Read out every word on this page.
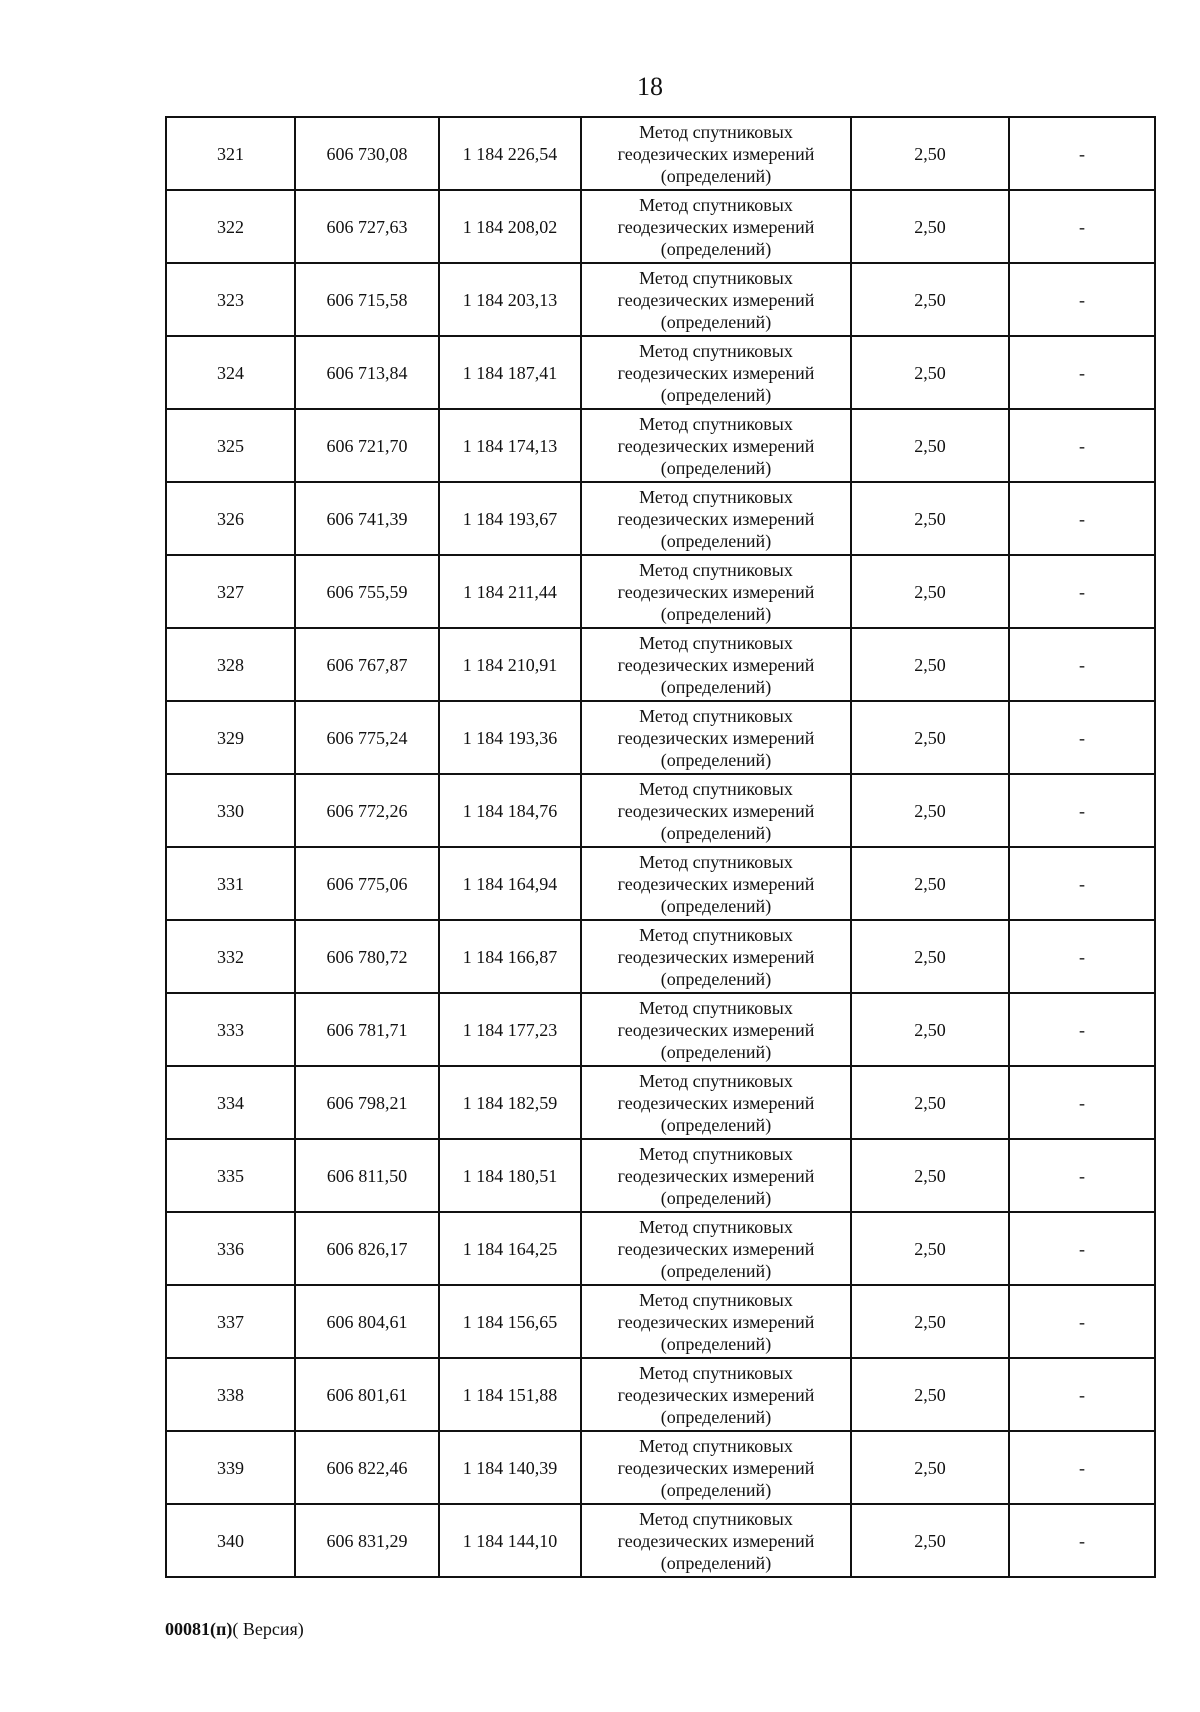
18
321	606 730,08	1 184 226,54	Метод спутниковых
геодезических измерений
(определений)	2,50	-
322	606 727,63	1 184 208,02	Метод спутниковых
геодезических измерений
(определений)	2,50	-
323	606 715,58	1 184 203,13	Метод спутниковых
геодезических измерений
(определений)	2,50	-
324	606 713,84	1 184 187,41	Метод спутниковых
геодезических измерений
(определений)	2,50	-
325	606 721,70	1 184 174,13	Метод спутниковых
геодезических измерений
(определений)	2,50	-
326	606 741,39	1 184 193,67	Метод спутниковых
геодезических измерений
(определений)	2,50	-
327	606 755,59	1 184 211,44	Метод спутниковых
геодезических измерений
(определений)	2,50	-
328	606 767,87	1 184 210,91	Метод спутниковых
геодезических измерений
(определений)	2,50	-
329	606 775,24	1 184 193,36	Метод спутниковых
геодезических измерений
(определений)	2,50	-
330	606 772,26	1 184 184,76	Метод спутниковых
геодезических измерений
(определений)	2,50	-
331	606 775,06	1 184 164,94	Метод спутниковых
геодезических измерений
(определений)	2,50	-
332	606 780,72	1 184 166,87	Метод спутниковых
геодезических измерений
(определений)	2,50	-
333	606 781,71	1 184 177,23	Метод спутниковых
геодезических измерений
(определений)	2,50	-
334	606 798,21	1 184 182,59	Метод спутниковых
геодезических измерений
(определений)	2,50	-
335	606 811,50	1 184 180,51	Метод спутниковых
геодезических измерений
(определений)	2,50	-
336	606 826,17	1 184 164,25	Метод спутниковых
геодезических измерений
(определений)	2,50	-
337	606 804,61	1 184 156,65	Метод спутниковых
геодезических измерений
(определений)	2,50	-
338	606 801,61	1 184 151,88	Метод спутниковых
геодезических измерений
(определений)	2,50	-
339	606 822,46	1 184 140,39	Метод спутниковых
геодезических измерений
(определений)	2,50	-
340	606 831,29	1 184 144,10	Метод спутниковых
геодезических измерений
(определений)	2,50	-
00081(п)( Версия)
